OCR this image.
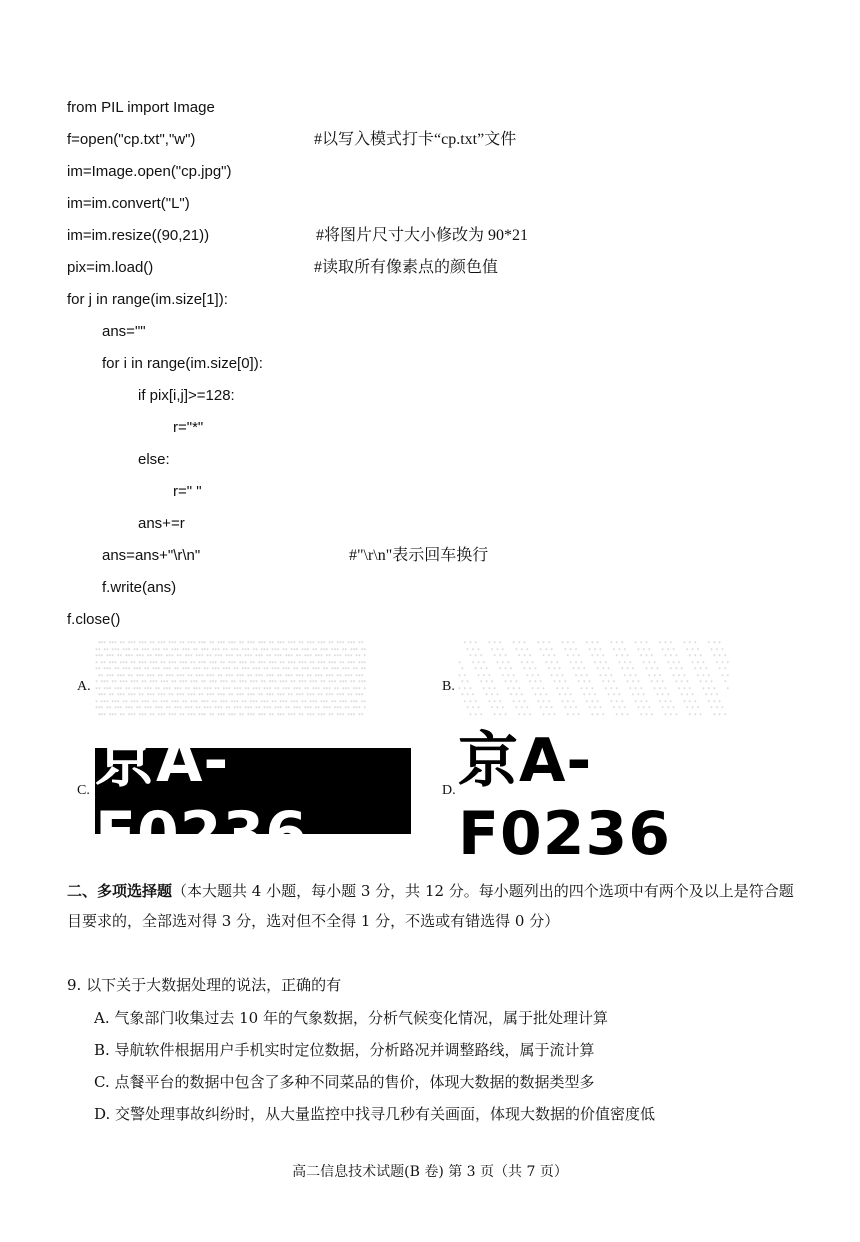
from PIL import Image
f=open("cp.txt","w")	#以写入模式打卡“cp.txt”文件
im=Image.open("cp.jpg")
im=im.convert("L")
im=im.resize((90,21))	#将图片尺寸大小修改为 90*21
pix=im.load()	#读取所有像素点的颜色值
for j in range(im.size[1]):
ans=""
for i in range(im.size[0]):
if pix[i,j]>=128:
r="*"
else:
r=" "
ans+=r
ans=ans+"\r\n"	#"\r\n"表示回车换行
f.write(ans)
f.close()
A.
*** *** ** *** *** ** *** *** ** *** *** ** *** *** ** *** *** ** *** *** ** *** *** ** *** *** **
** ** *** *** ** *** *** ** *** *** ** *** *** ** *** *** ** *** *** ** *** *** ** *** *** ** *** **
*** *** ** *** *** ** *** *** ** *** *** ** *** *** ** *** *** ** *** *** ** *** *** ** *** *** ** *
* ** *** *** ** *** *** ** *** *** ** *** *** ** *** *** ** *** *** ** *** *** ** *** *** ** *** ***
** *** ** *** *** ** *** *** ** *** *** ** *** *** ** *** *** ** *** *** ** *** *** ** *** *** ** **
** *** *** ** *** *** ** *** *** ** *** *** ** *** *** ** *** *** ** *** *** ** *** *** ** *** ***
* *** ** *** *** ** *** *** ** *** *** ** *** *** ** *** *** ** *** *** ** *** *** ** *** *** ** ***
** *** *** ** *** *** ** *** *** ** *** *** ** *** *** ** *** *** ** *** *** ** *** *** ** *** *** *
*** ** *** *** ** *** *** ** *** *** ** *** *** ** *** *** ** *** *** ** *** *** ** *** *** ** ***
* *** *** ** *** *** ** *** *** ** *** *** ** *** *** ** *** *** ** *** *** ** *** *** ** *** *** **
*** ** *** *** ** *** *** ** *** *** ** *** *** ** *** *** ** *** *** ** *** *** ** *** *** ** *** *
*** *** ** *** *** ** *** *** ** *** *** ** *** *** ** *** *** ** *** *** ** *** *** ** *** *** **
B.
* * *    * * *    * * *    * * *    * * *    * * *    * * *    * * *    * * *    * * *    * * *
* * *    * * *    * * *    * * *    * * *    * * *    * * *    * * *    * * *    * * *    * * *
* * *    * * *    * * *    * * *    * * *    * * *    * * *    * * *    * * *    * * *    * * *
*    * * *    * * *    * * *    * * *    * * *    * * *    * * *    * * *    * * *    * * *    * * *
*    * * *    * * *    * * *    * * *    * * *    * * *    * * *    * * *    * * *    * * *    * *
* *    * * *    * * *    * * *    * * *    * * *    * * *    * * *    * * *    * * *    * * *    * *
* *    * * *    * * *    * * *    * * *    * * *    * * *    * * *    * * *    * * *    * * *    *
* * *    * * *    * * *    * * *    * * *    * * *    * * *    * * *    * * *    * * *    * * *    *
* * *    * * *    * * *    * * *    * * *    * * *    * * *    * * *    * * *    * * *    * * *
* * *    * * *    * * *    * * *    * * *    * * *    * * *    * * *    * * *    * * *    * * *
* * *    * * *    * * *    * * *    * * *    * * *    * * *    * * *    * * *    * * *    * * *
* * *    * * *    * * *    * * *    * * *    * * *    * * *    * * *    * * *    * * *    * * *
C. 京A-F0236
D. 京A-F0236
二、多项选择题（本大题共 4 小题，每小题 3 分，共 12 分。每小题列出的四个选项中有两个及以上是符合题目要求的，全部选对得 3 分，选对但不全得 1 分，不选或有错选得 0 分）
9. 以下关于大数据处理的说法，正确的有
A. 气象部门收集过去 10 年的气象数据，分析气候变化情况，属于批处理计算
B. 导航软件根据用户手机实时定位数据，分析路况并调整路线，属于流计算
C. 点餐平台的数据中包含了多种不同菜品的售价，体现大数据的数据类型多
D. 交警处理事故纠纷时，从大量监控中找寻几秒有关画面，体现大数据的价值密度低
高二信息技术试题(B 卷) 第 3 页（共 7 页）
